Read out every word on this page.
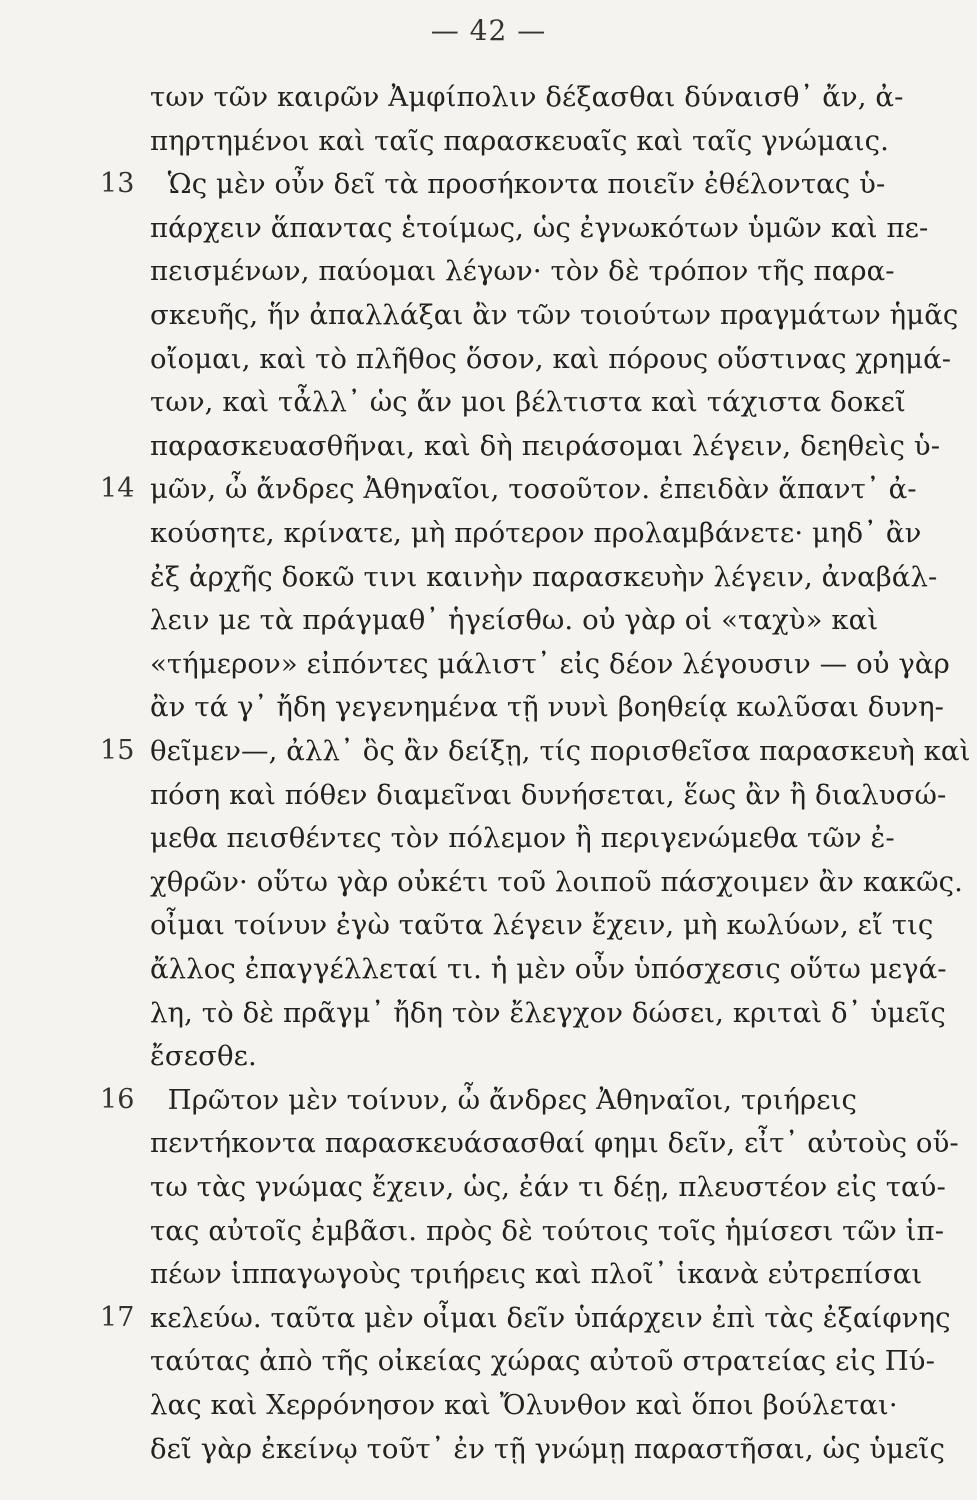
— 42 —
των τῶν καιρῶν Ἀμφίπολιν δέξασθαι δύναισθ᾽ ἄν, ἀ-
πηρτημένοι καὶ ταῖς παρασκευαῖς καὶ ταῖς γνώμαις.
13 Ὡς μὲν οὖν δεῖ τὰ προσήκοντα ποιεῖν ἐθέλοντας ὑ-
πάρχειν ἅπαντας ἑτοίμως, ὡς ἐγνωκότων ὑμῶν καὶ πε-
πεισμένων, παύομαι λέγων· τὸν δὲ τρόπον τῆς παρα-
σκευῆς, ἥν ἀπαλλάξαι ἂν τῶν τοιούτων πραγμάτων ἡμᾶς
οἴομαι, καὶ τὸ πλῆθος ὅσον, καὶ πόρους οὕστινας χρημά-
των, καὶ τἆλλ᾽ ὡς ἄν μοι βέλτιστα καὶ τάχιστα δοκεῖ
παρασκευασθῆναι, καὶ δὴ πειράσομαι λέγειν, δεηθεὶς ὑ-
14 μῶν, ὦ ἄνδρες Ἀθηναῖοι, τοσοῦτον. ἐπειδὰν ἅπαντ᾽ ἀ-
κούσητε, κρίνατε, μὴ πρότερον προλαμβάνετε· μηδ᾽ ἂν
ἐξ ἀρχῆς δοκῶ τινι καινὴν παρασκευὴν λέγειν, ἀναβάλ-
λειν με τὰ πράγμαθ᾽ ἡγείσθω. οὐ γὰρ οἱ «ταχὺ» καὶ
«τήμερον» εἰπόντες μάλιστ᾽ εἰς δέον λέγουσιν — οὐ γὰρ
ἂν τά γ᾽ ἤδη γεγενημένα τῇ νυνὶ βοηθείᾳ κωλῦσαι δυνη-
15 θεῖμεν—, ἀλλ᾽ ὃς ἂν δείξῃ, τίς πορισθεῖσα παρασκευὴ καὶ
πόση καὶ πόθεν διαμεῖναι δυνήσεται, ἕως ἂν ἢ διαλυσώ-
μεθα πεισθέντες τὸν πόλεμον ἢ περιγενώμεθα τῶν ἐ-
χθρῶν· οὕτω γὰρ οὐκέτι τοῦ λοιποῦ πάσχοιμεν ἂν κακῶς.
οἶμαι τοίνυν ἐγὼ ταῦτα λέγειν ἔχειν, μὴ κωλύων, εἴ τις
ἄλλος ἐπαγγέλλεταί τι. ἡ μὲν οὖν ὑπόσχεσις οὕτω μεγά-
λη, τὸ δὲ πρᾶγμ᾽ ἤδη τὸν ἔλεγχον δώσει, κριταὶ δ᾽ ὑμεῖς
ἔσεσθε.
16 Πρῶτον μὲν τοίνυν, ὦ ἄνδρες Ἀθηναῖοι, τριήρεις
πεντήκοντα παρασκευάσασθαί φημι δεῖν, εἶτ᾽ αὐτοὺς οὕ-
τω τὰς γνώμας ἔχειν, ὡς, ἐάν τι δέῃ, πλευστέον εἰς ταύ-
τας αὐτοῖς ἐμβᾶσι. πρὸς δὲ τούτοις τοῖς ἡμίσεσι τῶν ἱπ-
πέων ἱππαγωγοὺς τριήρεις καὶ πλοῖ᾽ ἱκανὰ εὐτρεπίσαι
17 κελεύω. ταῦτα μὲν οἶμαι δεῖν ὑπάρχειν ἐπὶ τὰς ἐξαίφνης
ταύτας ἀπὸ τῆς οἰκείας χώρας αὐτοῦ στρατείας εἰς Πύ-
λας καὶ Χερρόνησον καὶ Ὄλυνθον καὶ ὅποι βούλεται·
δεῖ γὰρ ἐκείνῳ τοῦτ᾽ ἐν τῇ γνώμῃ παραστῆσαι, ὡς ὑμεῖς
